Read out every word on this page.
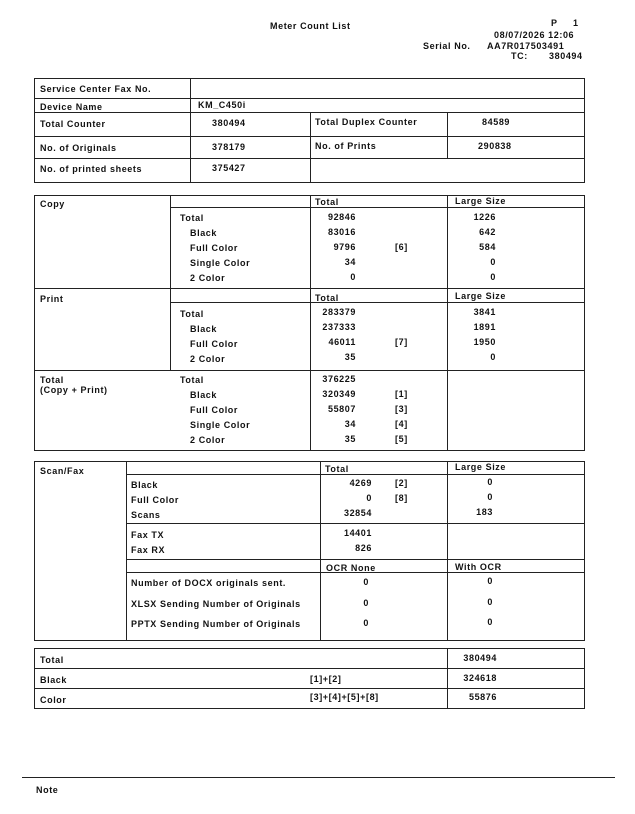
Meter Count List	P     1
08/07/2026 12:06
Serial No. AA7R017503491
TC: 380494
Service Center Fax No.
Device Name	KM_C450i
Total Counter	380494	Total Duplex Counter	84589
No. of Originals	378179	No. of Prints	290838
No. of printed sheets	375427
Copy	Total	Large Size
Total	92846	1226
Black	83016	642
Full Color	9796	[6]	584
Single Color	34	0
2 Color	0	0
Print	Total	Large Size
Total	283379	3841
Black	237333	1891
Full Color	46011	[7]	1950
2 Color	35	0
Total
(Copy + Print)
Total	376225
Black	320349	[1]
Full Color	55807	[3]
Single Color	34	[4]
2 Color	35	[5]
Scan/Fax	Total	Large Size
Black	4269	[2]	0
Full Color	0	[8]	0
Scans	32854	183
Fax TX	14401
Fax RX	826
OCR None	With OCR
Number of DOCX originals sent.	0	0
XLSX Sending Number of Originals	0	0
PPTX Sending Number of Originals	0	0
Total	380494
Black	[1]+[2]	324618
Color	[3]+[4]+[5]+[8]	55876
Note
